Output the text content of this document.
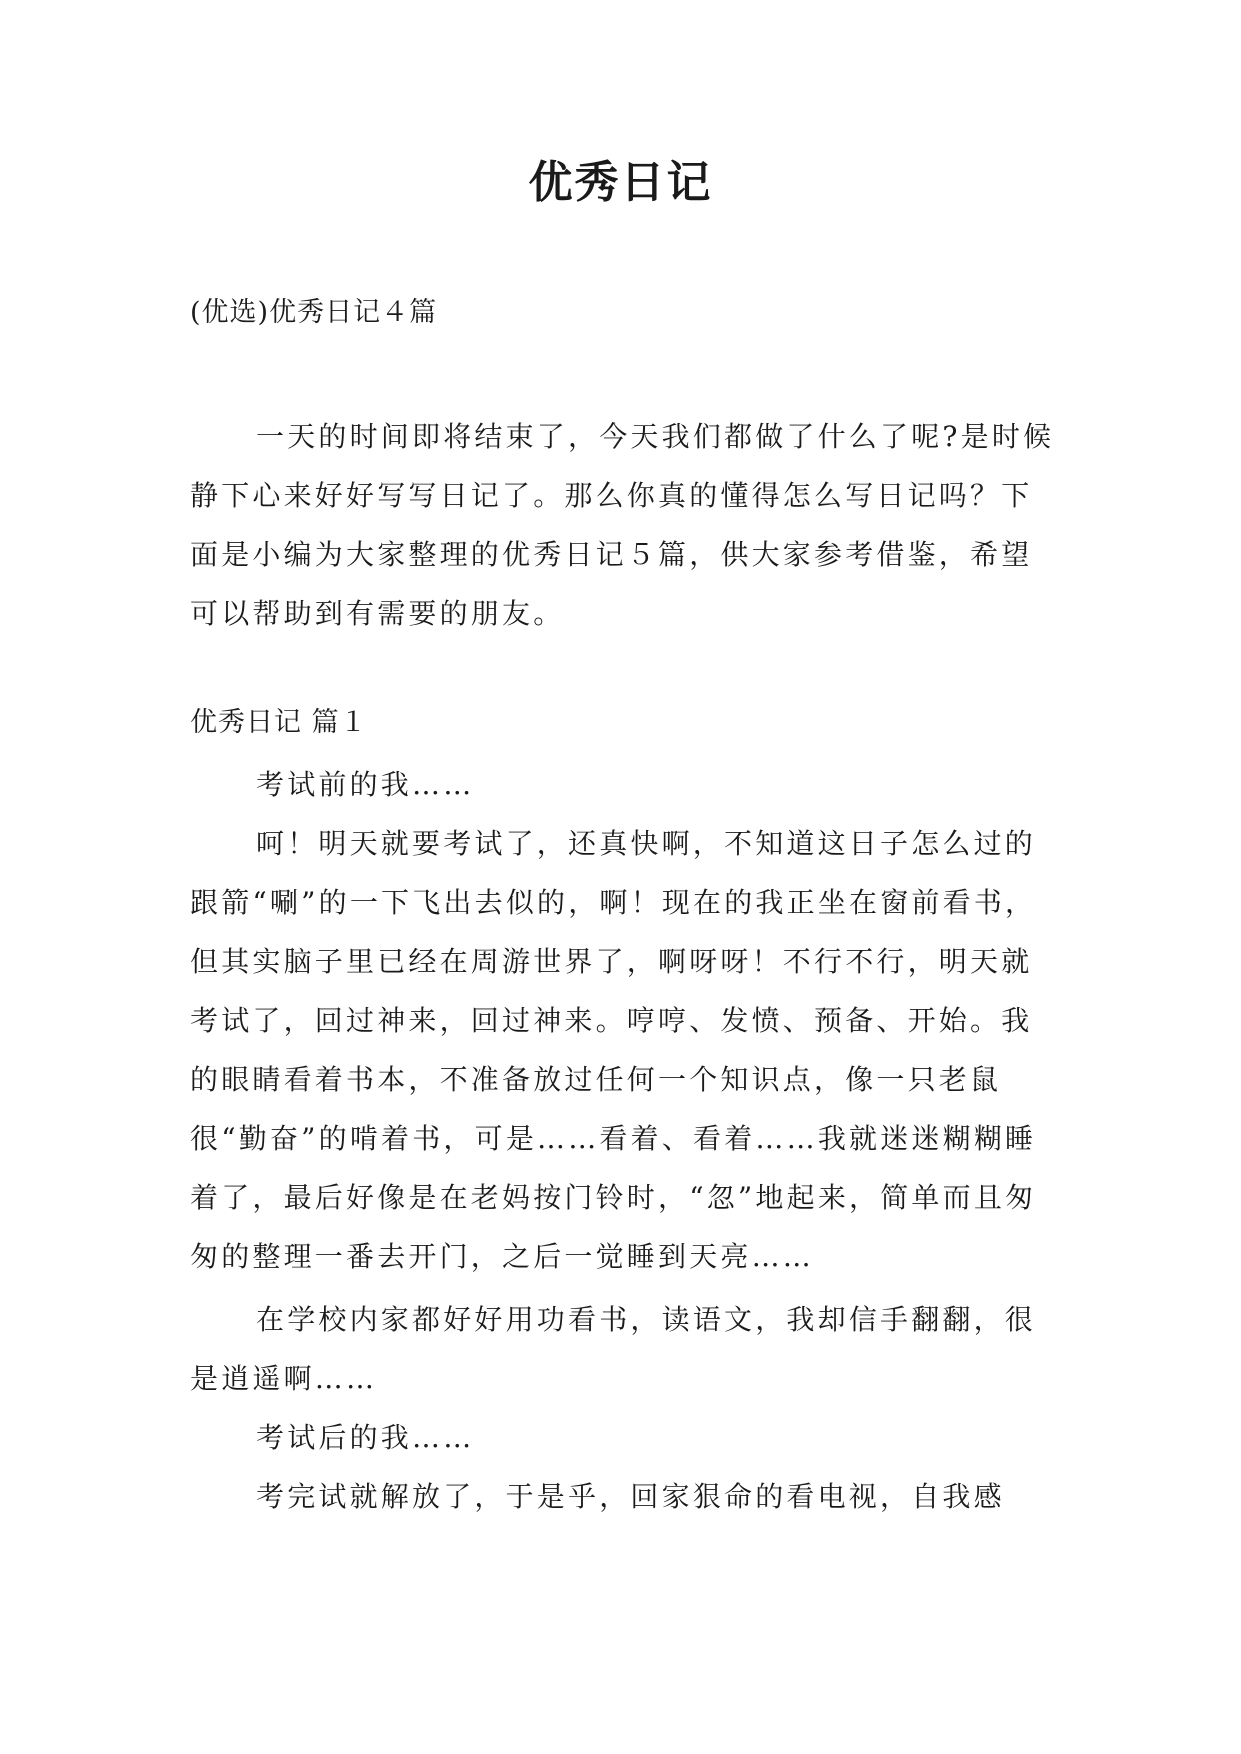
优秀日记
(优选)优秀日记４篇

一天的时间即将结束了，今天我们都做了什么了呢?是时候静下心来好好写写日记了。那么你真的懂得怎么写日记吗？下面是小编为大家整理的优秀日记５篇，供大家参考借鉴，希望可以帮助到有需要的朋友。

优秀日记 篇１

考试前的我……

呵！明天就要考试了，还真快啊，不知道这日子怎么过的跟箭“唰”的一下飞出去似的，啊！现在的我正坐在窗前看书，但其实脑子里已经在周游世界了，啊呀呀！不行不行，明天就考试了，回过神来，回过神来。哼哼、发愤、预备、开始。我的眼睛看着书本，不准备放过任何一个知识点，像一只老鼠很“勤奋”的啃着书，可是……看着、看着……我就迷迷糊糊睡着了，最后好像是在老妈按门铃时，“忽”地起来，简单而且匆匆的整理一番去开门，之后一觉睡到天亮……

在学校内家都好好用功看书，读语文，我却信手翻翻，很是逍遥啊……

考试后的我……

考完试就解放了，于是乎，回家狠命的看电视，自我感
